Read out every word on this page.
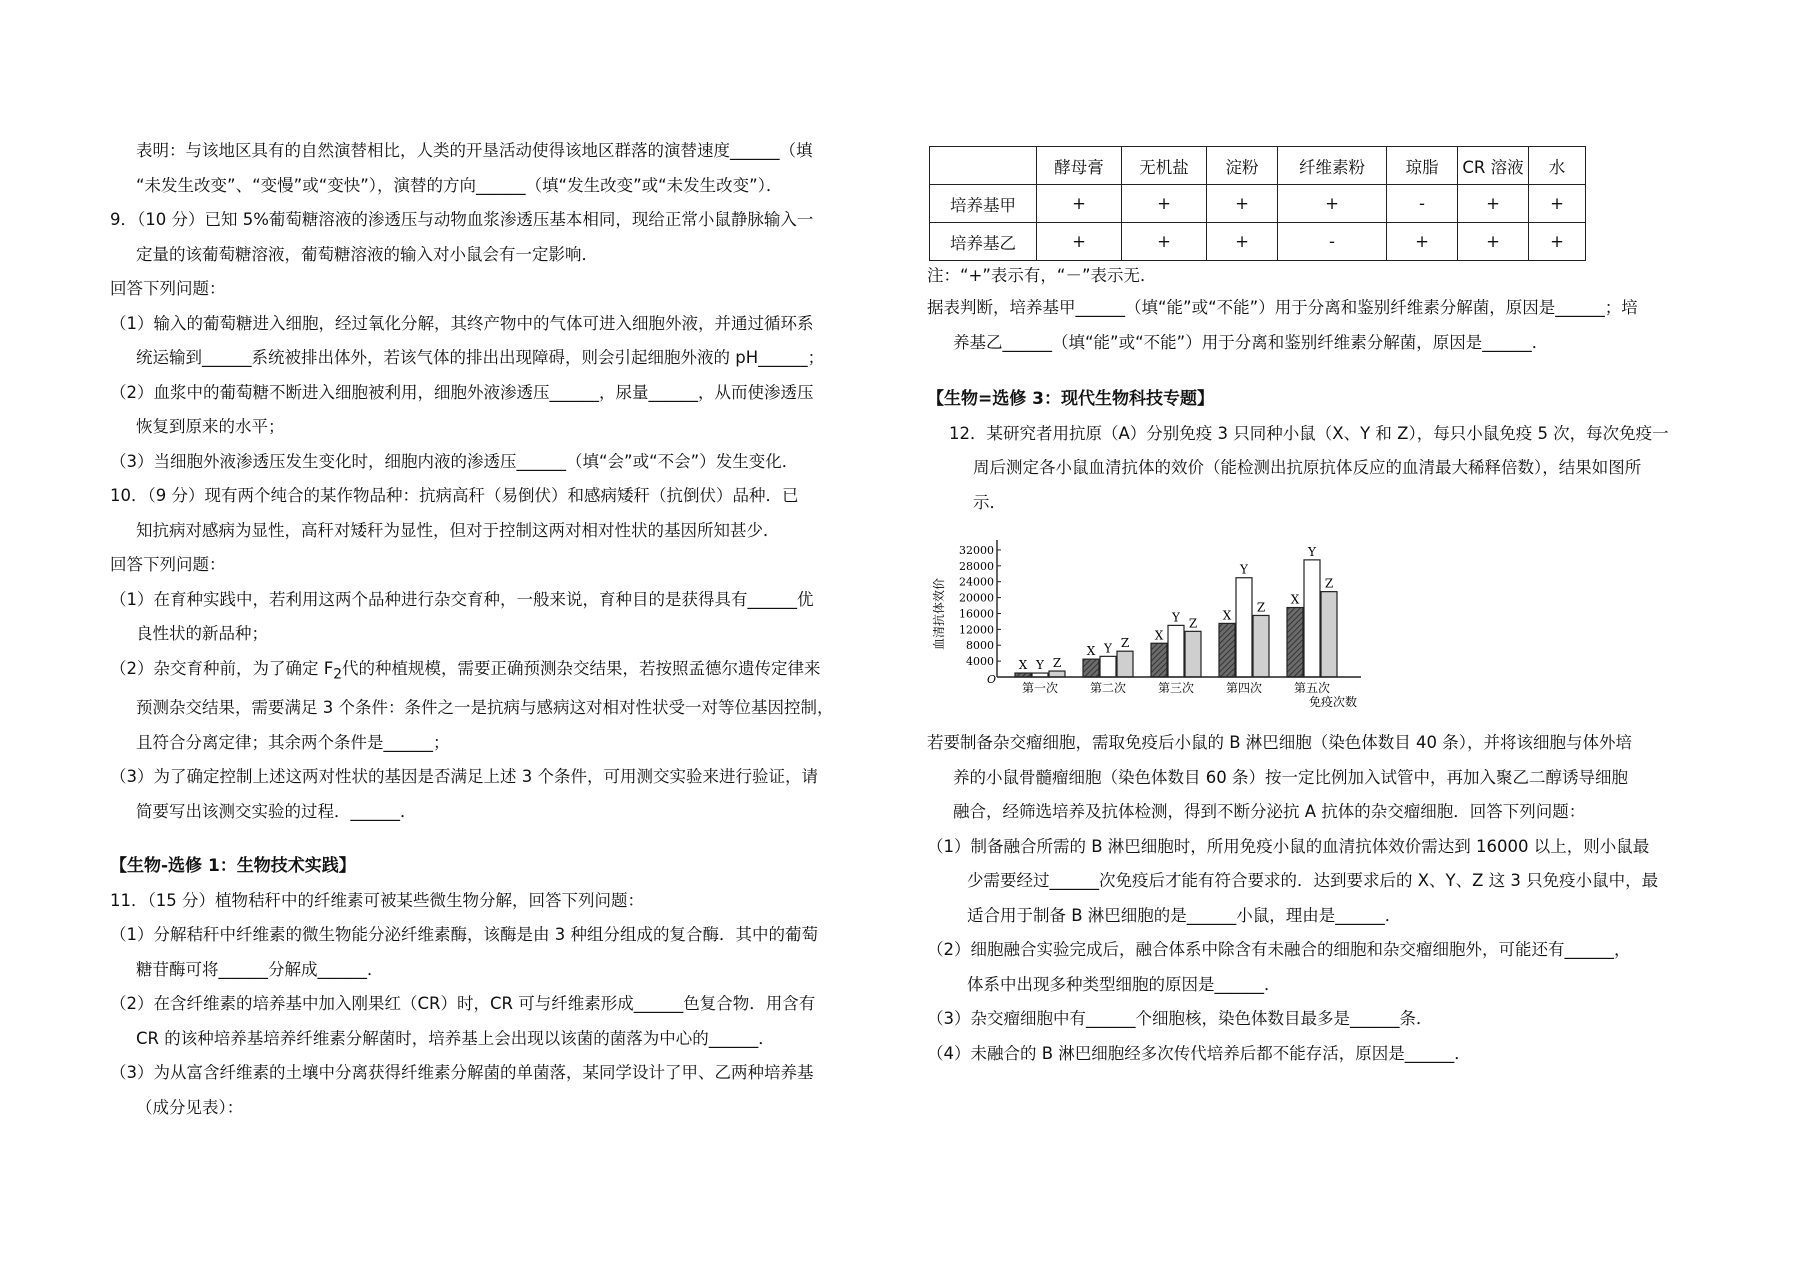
表明：与该地区具有的自然演替相比，人类的开垦活动使得该地区群落的演替速度______（填
“未发生改变”、“变慢”或“变快”），演替的方向______（填“发生改变”或“未发生改变”）．
9．（10 分）已知 5%葡萄糖溶液的渗透压与动物血浆渗透压基本相同，现给正常小鼠静脉输入一
定量的该葡萄糖溶液，葡萄糖溶液的输入对小鼠会有一定影响．
回答下列问题：
（1）输入的葡萄糖进入细胞，经过氧化分解，其终产物中的气体可进入细胞外液，并通过循环系
统运输到______系统被排出体外，若该气体的排出出现障碍，则会引起细胞外液的 pH______；
（2）血浆中的葡萄糖不断进入细胞被利用，细胞外液渗透压______，尿量______，从而使渗透压
恢复到原来的水平；
（3）当细胞外液渗透压发生变化时，细胞内液的渗透压______（填“会”或“不会”）发生变化．
10．（9 分）现有两个纯合的某作物品种：抗病高秆（易倒伏）和感病矮秆（抗倒伏）品种．已
知抗病对感病为显性，高秆对矮秆为显性，但对于控制这两对相对性状的基因所知甚少．
回答下列问题：
（1）在育种实践中，若利用这两个品种进行杂交育种，一般来说，育种目的是获得具有______优
良性状的新品种；
（2）杂交育种前，为了确定 $F_2$代的种植规模，需要正确预测杂交结果，若按照孟德尔遗传定律来
预测杂交结果，需要满足 3 个条件：条件之一是抗病与感病这对相对性状受一对等位基因控制，
且符合分离定律；其余两个条件是______；
（3）为了确定控制上述这两对性状的基因是否满足上述 3 个条件，可用测交实验来进行验证，请
简要写出该测交实验的过程．______．
【生物-选修 1：生物技术实践】
11．（15 分）植物秸秆中的纤维素可被某些微生物分解，回答下列问题：
（1）分解秸秆中纤维素的微生物能分泌纤维素酶，该酶是由 3 种组分组成的复合酶．其中的葡萄
糖苷酶可将______分解成______．
（2）在含纤维素的培养基中加入刚果红（CR）时，CR 可与纤维素形成______色复合物．用含有
CR 的该种培养基培养纤维素分解菌时，培养基上会出现以该菌的菌落为中心的______．
（3）为从富含纤维素的土壤中分离获得纤维素分解菌的单菌落，某同学设计了甲、乙两种培养基
（成分见表）：
	酵母膏	无机盐	淀粉	纤维素粉	琼脂	CR 溶液	水
培养基甲	+	+	+	+	-	+	+
培养基乙	+	+	+	-	+	+	+
注：“+”表示有，“－”表示无．
据表判断，培养基甲______（填“能”或“不能”）用于分离和鉴别纤维素分解菌，原因是______；培
养基乙______（填“能”或“不能”）用于分离和鉴别纤维素分解菌，原因是______．
【生物=选修 3：现代生物科技专题】
12．某研究者用抗原（A）分别免疫 3 只同种小鼠（X、Y 和 Z），每只小鼠免疫 5 次，每次免疫一
周后测定各小鼠血清抗体的效价（能检测出抗原抗体反应的血清最大稀释倍数），结果如图所
示．
4000
8000
12000
16000
20000
24000
28000
32000
X Y Z
第一次
X Y Z
第二次
X
Y Z
第三次
X
Y
Z
第四次
X
Y
Z
第五次
O
血清抗体效价
免疫次数
若要制备杂交瘤细胞，需取免疫后小鼠的 B 淋巴细胞（染色体数目 40 条），并将该细胞与体外培
养的小鼠骨髓瘤细胞（染色体数目 60 条）按一定比例加入试管中，再加入聚乙二醇诱导细胞
融合，经筛选培养及抗体检测，得到不断分泌抗 A 抗体的杂交瘤细胞．回答下列问题：
（1）制备融合所需的 B 淋巴细胞时，所用免疫小鼠的血清抗体效价需达到 16000 以上，则小鼠最
少需要经过______次免疫后才能有符合要求的．达到要求后的 X、Y、Z 这 3 只免疫小鼠中，最
适合用于制备 B 淋巴细胞的是______小鼠，理由是______．
（2）细胞融合实验完成后，融合体系中除含有未融合的细胞和杂交瘤细胞外，可能还有______，
体系中出现多种类型细胞的原因是______．
（3）杂交瘤细胞中有______个细胞核，染色体数目最多是______条．
（4）未融合的 B 淋巴细胞经多次传代培养后都不能存活，原因是______．
